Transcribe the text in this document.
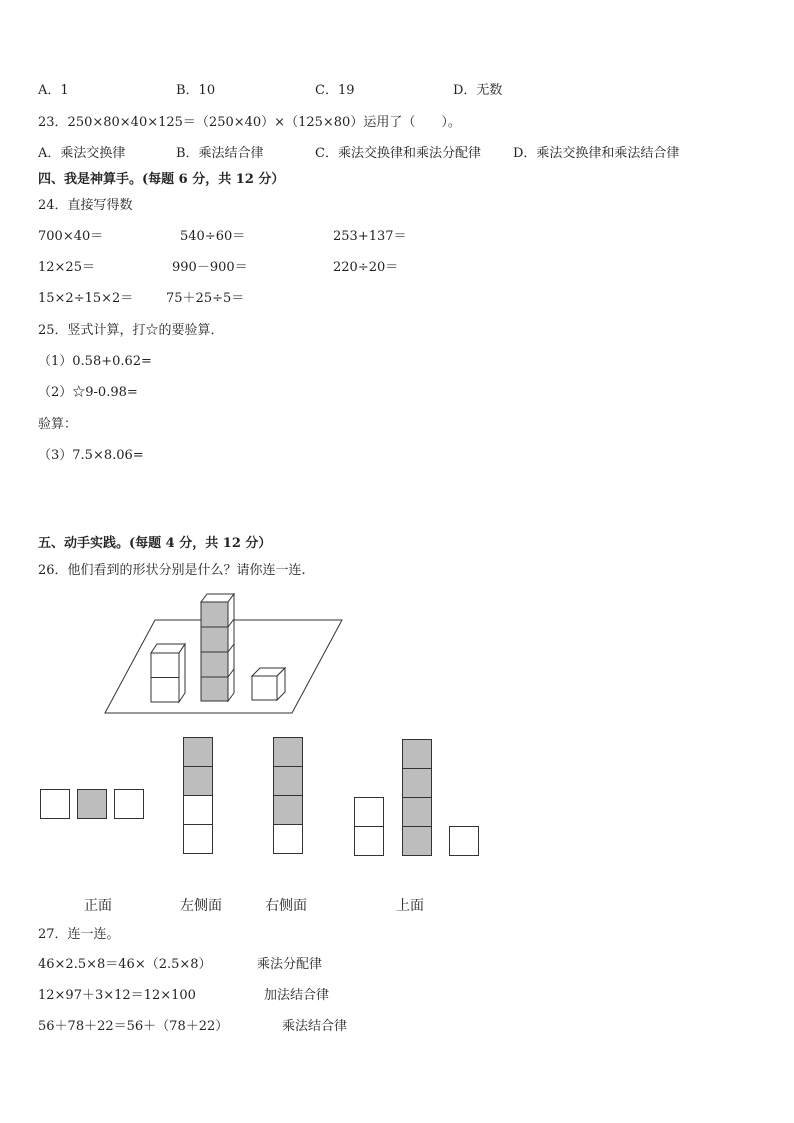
A．1	B．10	C．19	D．无数
23．250×80×40×125＝（250×40）×（125×80）运用了（　　）。
A．乘法交换律	B．乘法结合律	C．乘法交换律和乘法分配律 D．乘法交换律和乘法结合律
四、我是神算手。(每题 6 分，共 12 分）
24．直接写得数
700×40＝	540÷60＝	253+137＝
12×25＝	990－900＝	220÷20＝
15×2÷15×2＝	75＋25÷5＝
25．竖式计算，打☆的要验算．
（1）0.58+0.62=
（2）☆9-0.98=
验算：
（3）7.5×8.06=
五、动手实践。(每题 4 分，共 12 分）
26．他们看到的形状分别是什么？请你连一连.
正面	左侧面	右侧面	上面
27．连一连。
46×2.5×8＝46×（2.5×8）	乘法分配律
12×97＋3×12＝12×100	加法结合律
56＋78＋22＝56＋（78＋22）	乘法结合律
